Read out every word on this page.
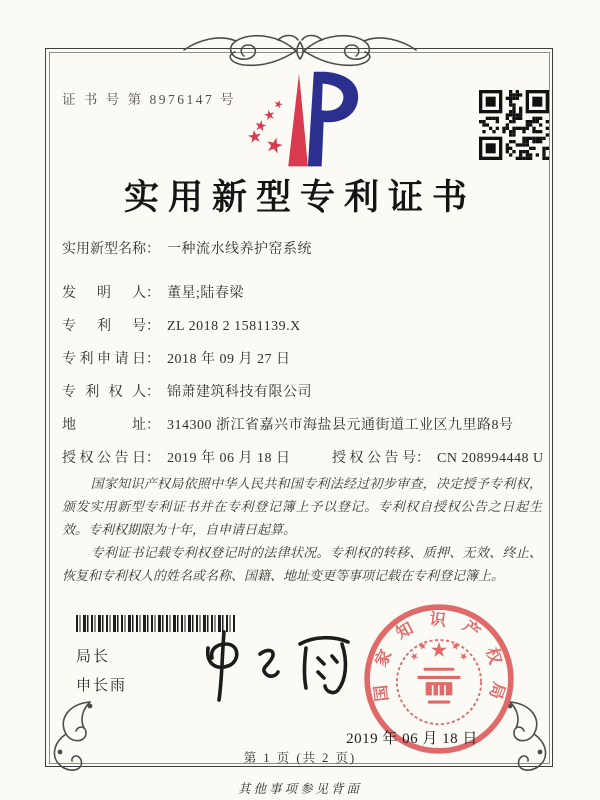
证 书 号 第 8976147 号
实用新型专利证书
实用新型名称： 一种流水线养护窑系统
发明人： 董星;陆春梁
专利号： ZL 2018 2 1581139.X
专利申请日： 2018 年 09 月 27 日
专利权人： 锦萧建筑科技有限公司
地址： 314300 浙江省嘉兴市海盐县元通街道工业区九里路8号
授权公告日： 2019 年 06 月 18 日	授权公告号： CN 208994448 U

国家知识产权局依照中华人民共和国专利法经过初步审查，决定授予专利权，颁发实用新型专利证书并在专利登记簿上予以登记。专利权自授权公告之日起生效。专利权期限为十年，自申请日起算。

专利证书记载专利权登记时的法律状况。专利权的转移、质押、无效、终止、恢复和专利权人的姓名或名称、国籍、地址变更等事项记载在专利登记簿上。

局长
申长雨	国家知识产权局
2019 年 06 月 18 日
第 1 页 (共 2 页)
其他事项参见背面
